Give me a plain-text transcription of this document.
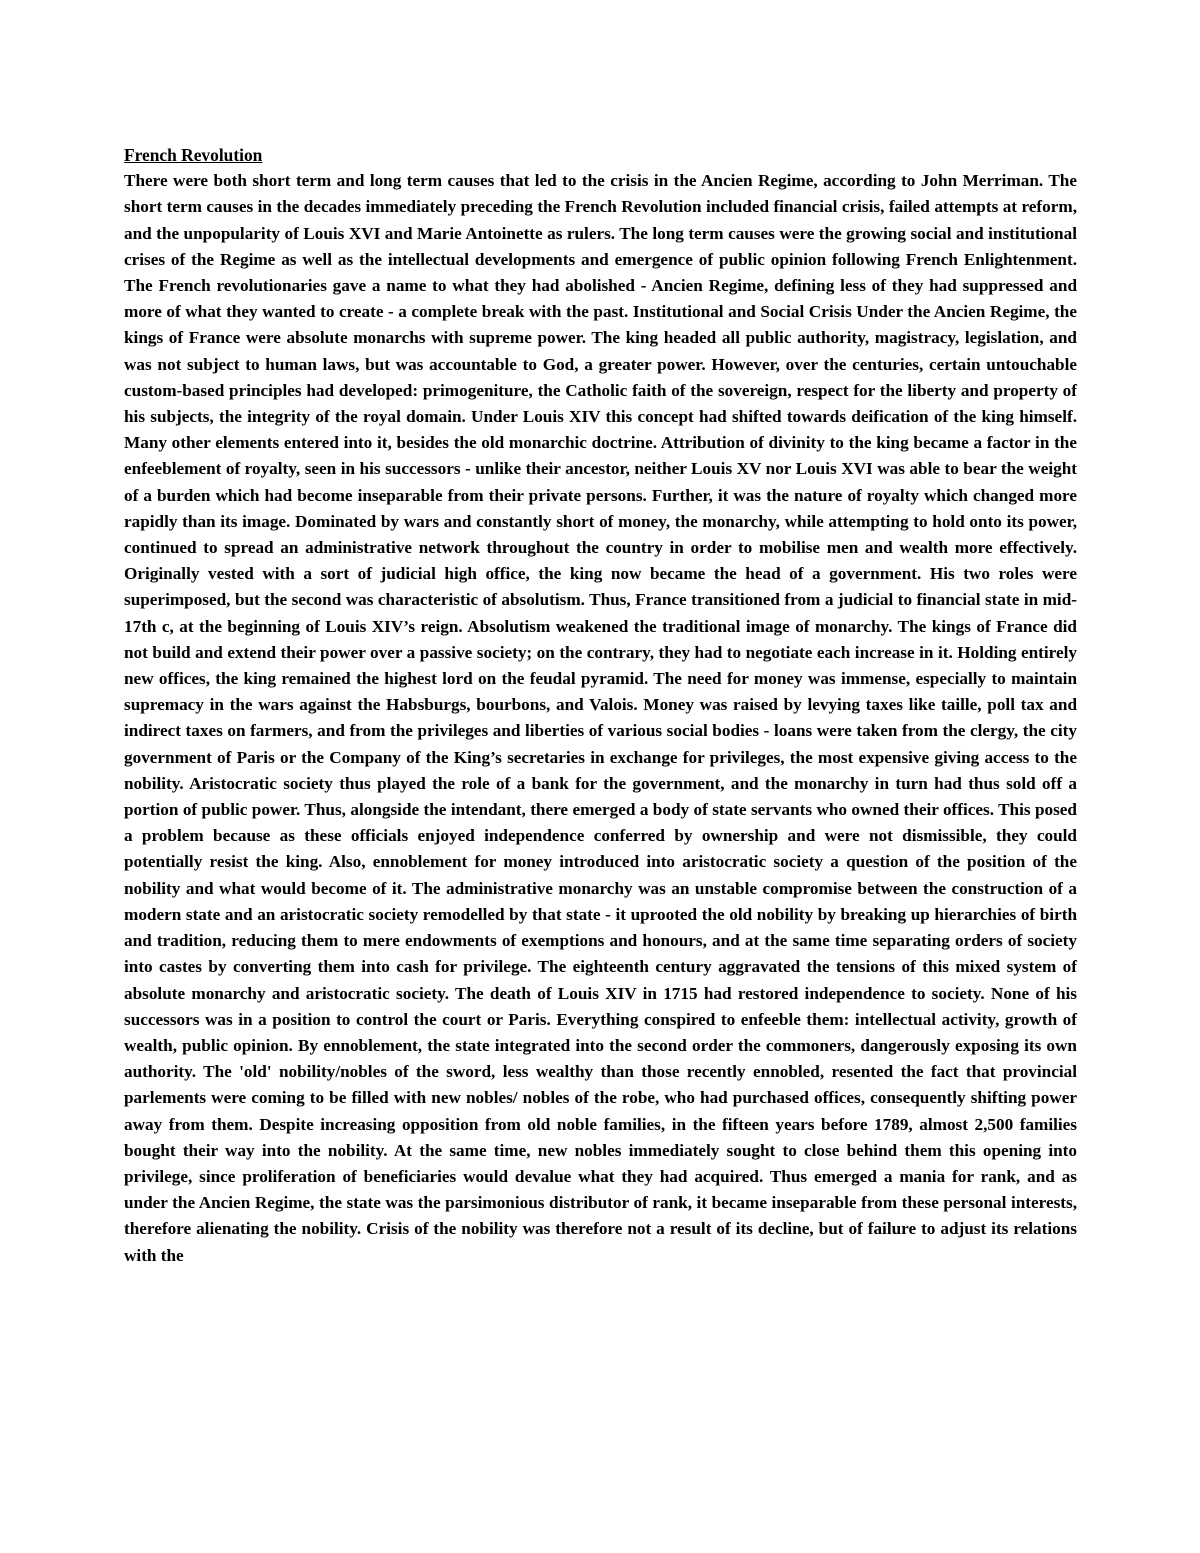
French Revolution

There were both short term and long term causes that led to the crisis in the Ancien Regime, according to John Merriman. The short term causes in the decades immediately preceding the French Revolution included financial crisis, failed attempts at reform, and the unpopularity of Louis XVI and Marie Antoinette as rulers. The long term causes were the growing social and institutional crises of the Regime as well as the intellectual developments and emergence of public opinion following French Enlightenment. The French revolutionaries gave a name to what they had abolished - Ancien Regime, defining less of they had suppressed and more of what they wanted to create - a complete break with the past. Institutional and Social Crisis Under the Ancien Regime, the kings of France were absolute monarchs with supreme power. The king headed all public authority, magistracy, legislation, and was not subject to human laws, but was accountable to God, a greater power. However, over the centuries, certain untouchable custom-based principles had developed: primogeniture, the Catholic faith of the sovereign, respect for the liberty and property of his subjects, the integrity of the royal domain. Under Louis XIV this concept had shifted towards deification of the king himself. Many other elements entered into it, besides the old monarchic doctrine. Attribution of divinity to the king became a factor in the enfeeblement of royalty, seen in his successors - unlike their ancestor, neither Louis XV nor Louis XVI was able to bear the weight of a burden which had become inseparable from their private persons. Further, it was the nature of royalty which changed more rapidly than its image. Dominated by wars and constantly short of money, the monarchy, while attempting to hold onto its power, continued to spread an administrative network throughout the country in order to mobilise men and wealth more effectively. Originally vested with a sort of judicial high office, the king now became the head of a government. His two roles were superimposed, but the second was characteristic of absolutism. Thus, France transitioned from a judicial to financial state in mid-17th c, at the beginning of Louis XIV’s reign. Absolutism weakened the traditional image of monarchy. The kings of France did not build and extend their power over a passive society; on the contrary, they had to negotiate each increase in it. Holding entirely new offices, the king remained the highest lord on the feudal pyramid. The need for money was immense, especially to maintain supremacy in the wars against the Habsburgs, bourbons, and Valois. Money was raised by levying taxes like taille, poll tax and indirect taxes on farmers, and from the privileges and liberties of various social bodies - loans were taken from the clergy, the city government of Paris or the Company of the King’s secretaries in exchange for privileges, the most expensive giving access to the nobility. Aristocratic society thus played the role of a bank for the government, and the monarchy in turn had thus sold off a portion of public power. Thus, alongside the intendant, there emerged a body of state servants who owned their offices. This posed a problem because as these officials enjoyed independence conferred by ownership and were not dismissible, they could potentially resist the king. Also, ennoblement for money introduced into aristocratic society a question of the position of the nobility and what would become of it. The administrative monarchy was an unstable compromise between the construction of a modern state and an aristocratic society remodelled by that state - it uprooted the old nobility by breaking up hierarchies of birth and tradition, reducing them to mere endowments of exemptions and honours, and at the same time separating orders of society into castes by converting them into cash for privilege. The eighteenth century aggravated the tensions of this mixed system of absolute monarchy and aristocratic society. The death of Louis XIV in 1715 had restored independence to society. None of his successors was in a position to control the court or Paris. Everything conspired to enfeeble them: intellectual activity, growth of wealth, public opinion. By ennoblement, the state integrated into the second order the commoners, dangerously exposing its own authority. The 'old' nobility/nobles of the sword, less wealthy than those recently ennobled, resented the fact that provincial parlements were coming to be filled with new nobles/ nobles of the robe, who had purchased offices, consequently shifting power away from them. Despite increasing opposition from old noble families, in the fifteen years before 1789, almost 2,500 families bought their way into the nobility. At the same time, new nobles immediately sought to close behind them this opening into privilege, since proliferation of beneficiaries would devalue what they had acquired. Thus emerged a mania for rank, and as under the Ancien Regime, the state was the parsimonious distributor of rank, it became inseparable from these personal interests, therefore alienating the nobility. Crisis of the nobility was therefore not a result of its decline, but of failure to adjust its relations with the
